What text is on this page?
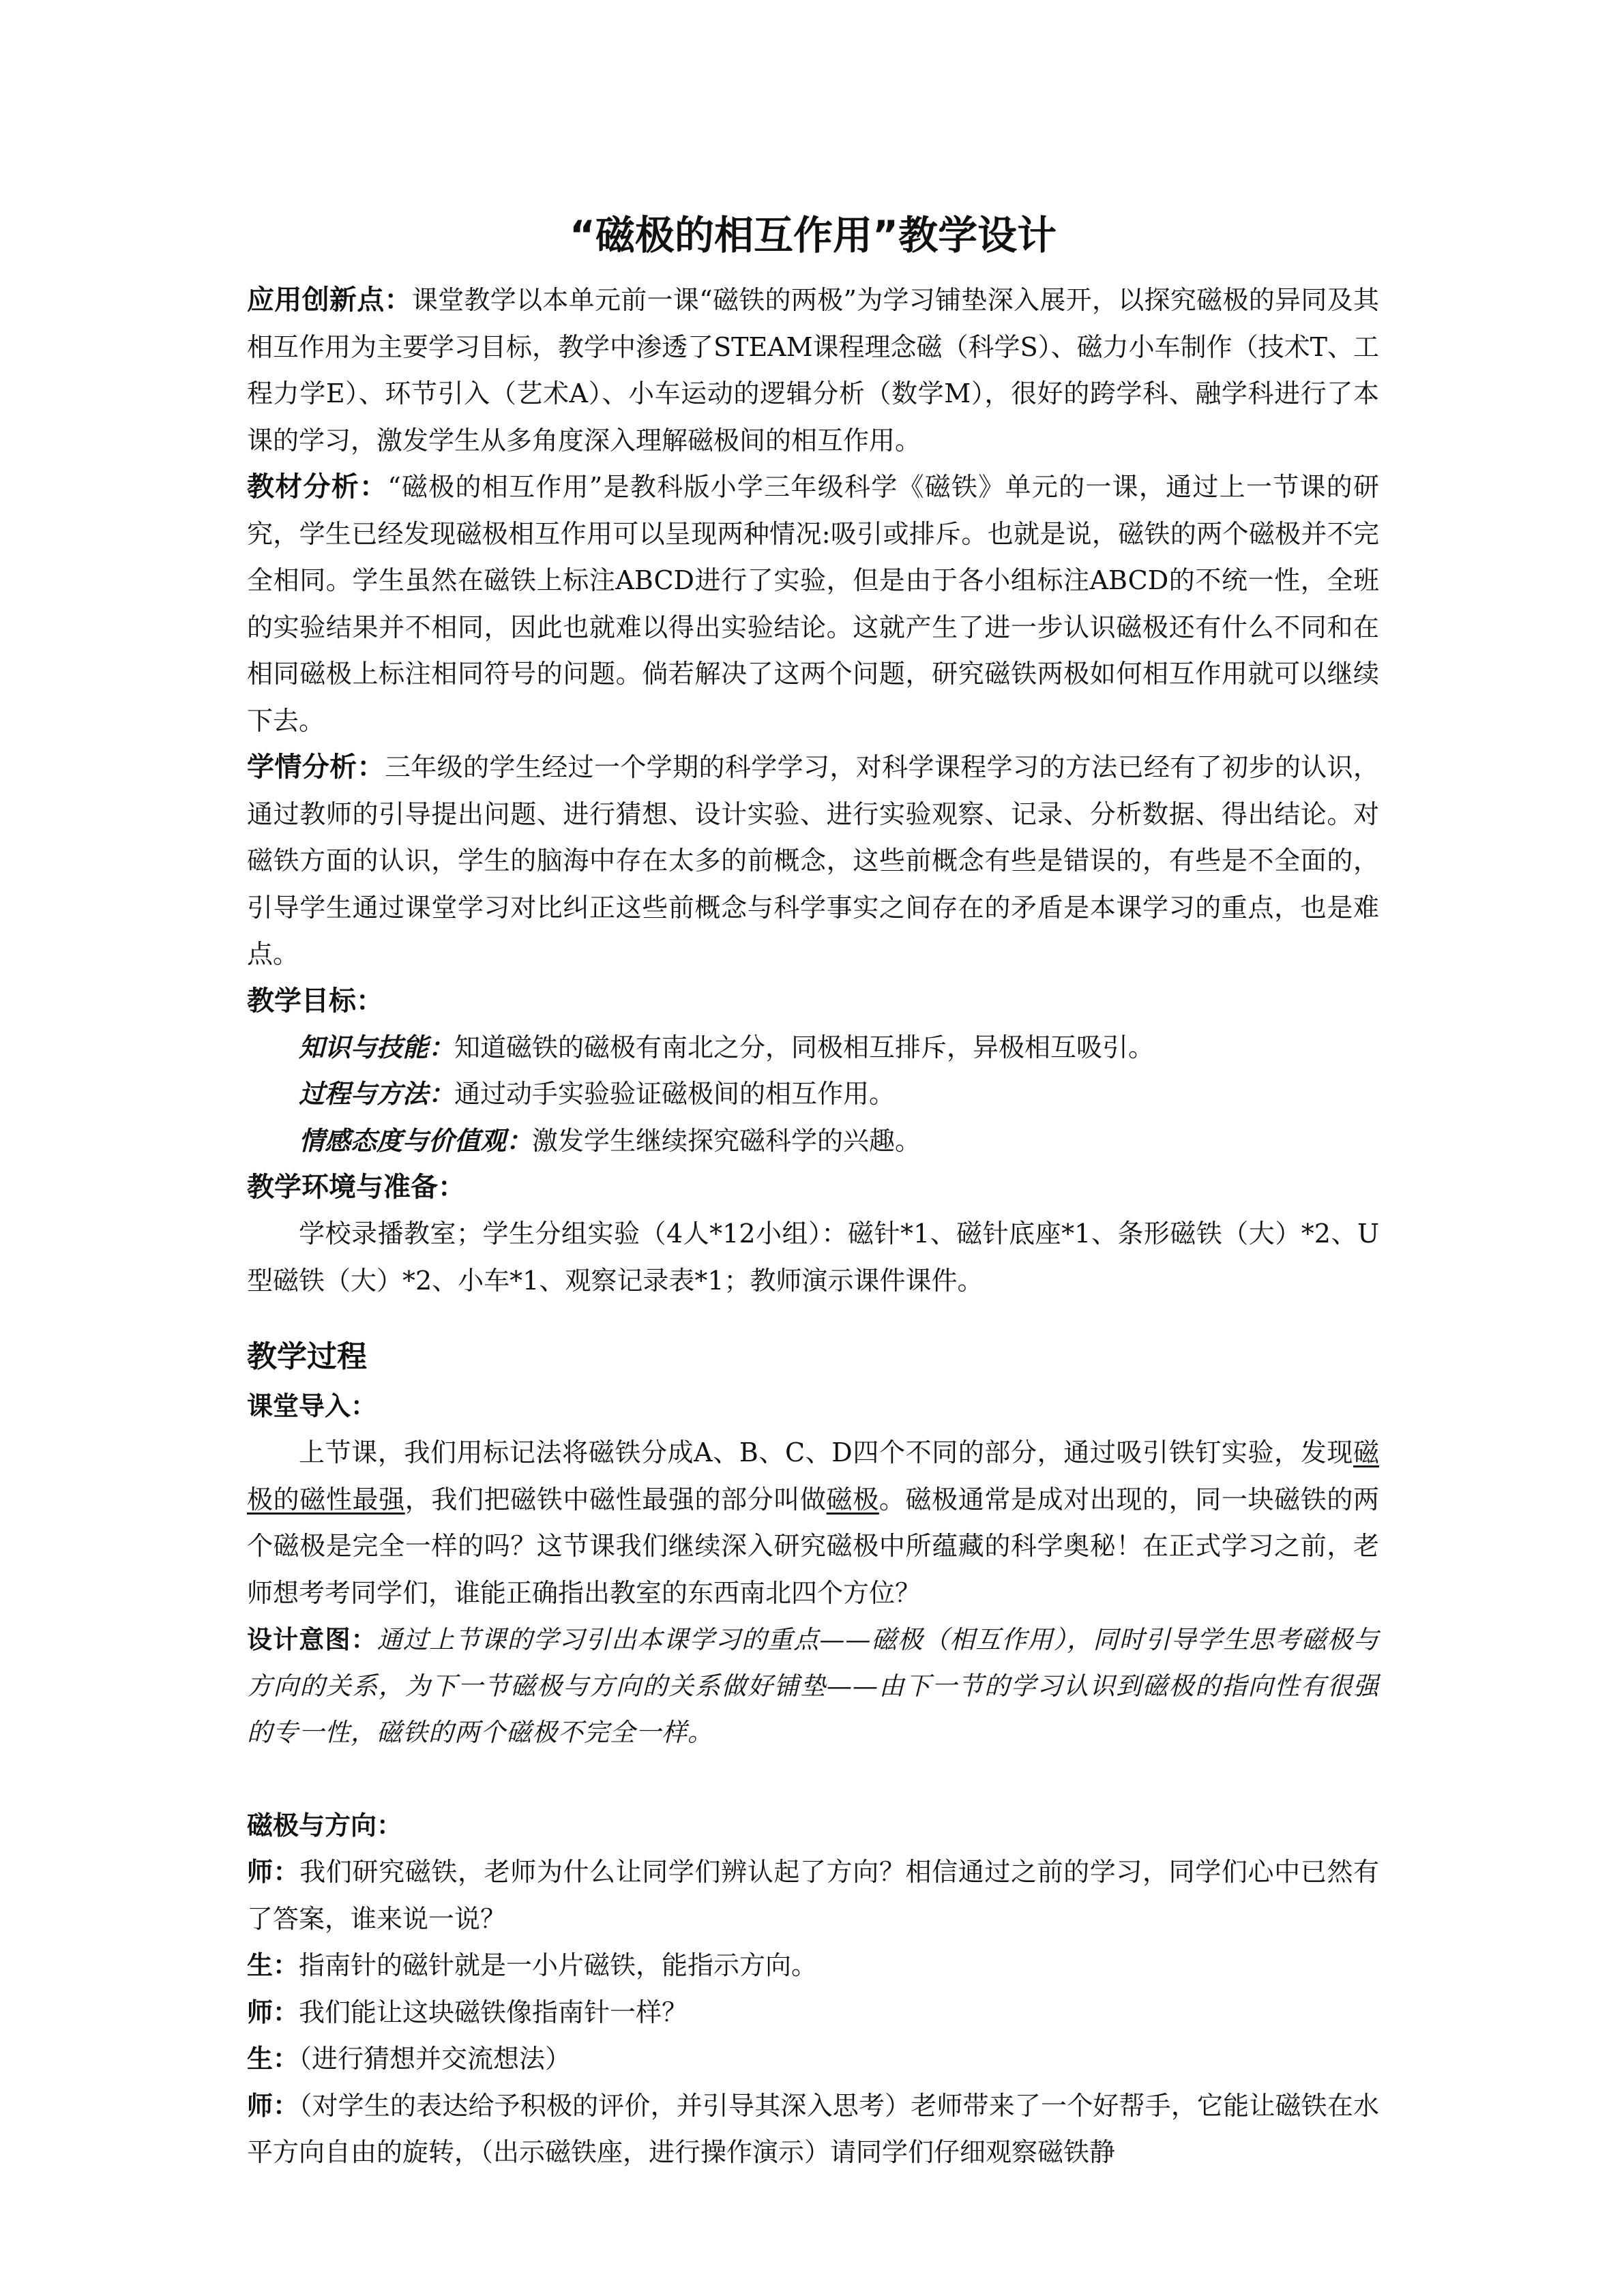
“磁极的相互作用”教学设计

应用创新点：课堂教学以本单元前一课“磁铁的两极”为学习铺垫深入展开，以探究磁极的异同及其相互作用为主要学习目标，教学中渗透了STEAM课程理念磁（科学S）、磁力小车制作（技术T、工程力学E）、环节引入（艺术A）、小车运动的逻辑分析（数学M），很好的跨学科、融学科进行了本课的学习，激发学生从多角度深入理解磁极间的相互作用。

教材分析：“磁极的相互作用”是教科版小学三年级科学《磁铁》单元的一课，通过上一节课的研究，学生已经发现磁极相互作用可以呈现两种情况:吸引或排斥。也就是说，磁铁的两个磁极并不完全相同。学生虽然在磁铁上标注ABCD进行了实验，但是由于各小组标注ABCD的不统一性，全班的实验结果并不相同，因此也就难以得出实验结论。这就产生了进一步认识磁极还有什么不同和在相同磁极上标注相同符号的问题。倘若解决了这两个问题，研究磁铁两极如何相互作用就可以继续下去。

学情分析：三年级的学生经过一个学期的科学学习，对科学课程学习的方法已经有了初步的认识，通过教师的引导提出问题、进行猜想、设计实验、进行实验观察、记录、分析数据、得出结论。对磁铁方面的认识，学生的脑海中存在太多的前概念，这些前概念有些是错误的，有些是不全面的，引导学生通过课堂学习对比纠正这些前概念与科学事实之间存在的矛盾是本课学习的重点，也是难点。

教学目标：

知识与技能：知道磁铁的磁极有南北之分，同极相互排斥，异极相互吸引。

过程与方法：通过动手实验验证磁极间的相互作用。

情感态度与价值观：激发学生继续探究磁科学的兴趣。

教学环境与准备：

学校录播教室；学生分组实验（4人*12小组）：磁针*1、磁针底座*1、条形磁铁（大）*2、U型磁铁（大）*2、小车*1、观察记录表*1；教师演示课件课件。

教学过程
课堂导入：

上节课，我们用标记法将磁铁分成A、B、C、D四个不同的部分，通过吸引铁钉实验，发现磁极的磁性最强，我们把磁铁中磁性最强的部分叫做磁极。磁极通常是成对出现的，同一块磁铁的两个磁极是完全一样的吗？这节课我们继续深入研究磁极中所蕴藏的科学奥秘！在正式学习之前，老师想考考同学们，谁能正确指出教室的东西南北四个方位？

设计意图：通过上节课的学习引出本课学习的重点——磁极（相互作用），同时引导学生思考磁极与方向的关系，为下一节磁极与方向的关系做好铺垫——由下一节的学习认识到磁极的指向性有很强的专一性，磁铁的两个磁极不完全一样。

磁极与方向：

师：我们研究磁铁，老师为什么让同学们辨认起了方向？相信通过之前的学习，同学们心中已然有了答案，谁来说一说？

生：指南针的磁针就是一小片磁铁，能指示方向。

师：我们能让这块磁铁像指南针一样？

生：（进行猜想并交流想法）

师：（对学生的表达给予积极的评价，并引导其深入思考）老师带来了一个好帮手，它能让磁铁在水平方向自由的旋转，（出示磁铁座，进行操作演示）请同学们仔细观察磁铁静
